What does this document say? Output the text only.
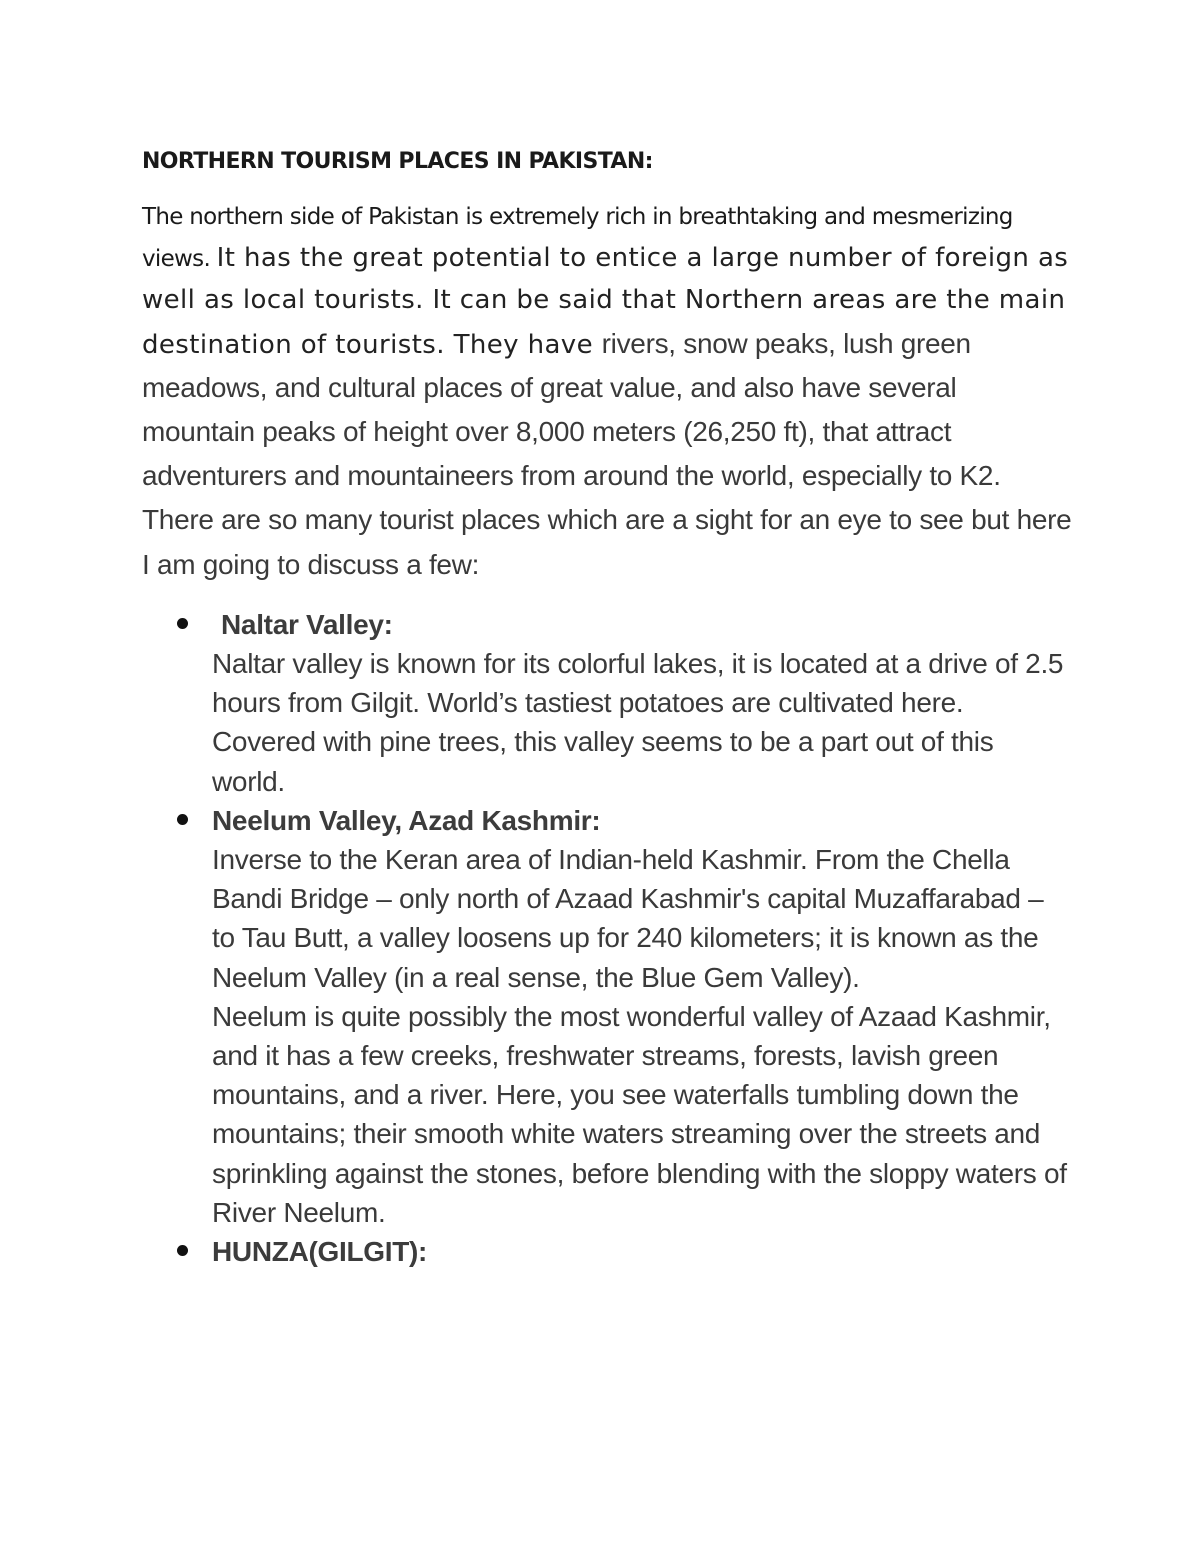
NORTHERN TOURISM PLACES IN PAKISTAN:

The northern side of Pakistan is extremely rich in breathtaking and mesmerizing views. It has the great potential to entice a large number of foreign as well as local tourists. It can be said that Northern areas are the main destination of tourists. They have rivers, snow peaks, lush green meadows, and cultural places of great value, and also have several mountain peaks of height over 8,000 meters (26,250 ft), that attract adventurers and mountaineers from around the world, especially to K2. There are so many tourist places which are a sight for an eye to see but here I am going to discuss a few:

Naltar Valley:
Naltar valley is known for its colorful lakes, it is located at a drive of 2.5 hours from Gilgit. World’s tastiest potatoes are cultivated here. Covered with pine trees, this valley seems to be a part out of this world.
Neelum Valley, Azad Kashmir:
Inverse to the Keran area of Indian-held Kashmir. From the Chella Bandi Bridge – only north of Azaad Kashmir's capital Muzaffarabad – to Tau Butt, a valley loosens up for 240 kilometers; it is known as the Neelum Valley (in a real sense, the Blue Gem Valley).
Neelum is quite possibly the most wonderful valley of Azaad Kashmir, and it has a few creeks, freshwater streams, forests, lavish green mountains, and a river. Here, you see waterfalls tumbling down the mountains; their smooth white waters streaming over the streets and sprinkling against the stones, before blending with the sloppy waters of River Neelum.
HUNZA(GILGIT):
